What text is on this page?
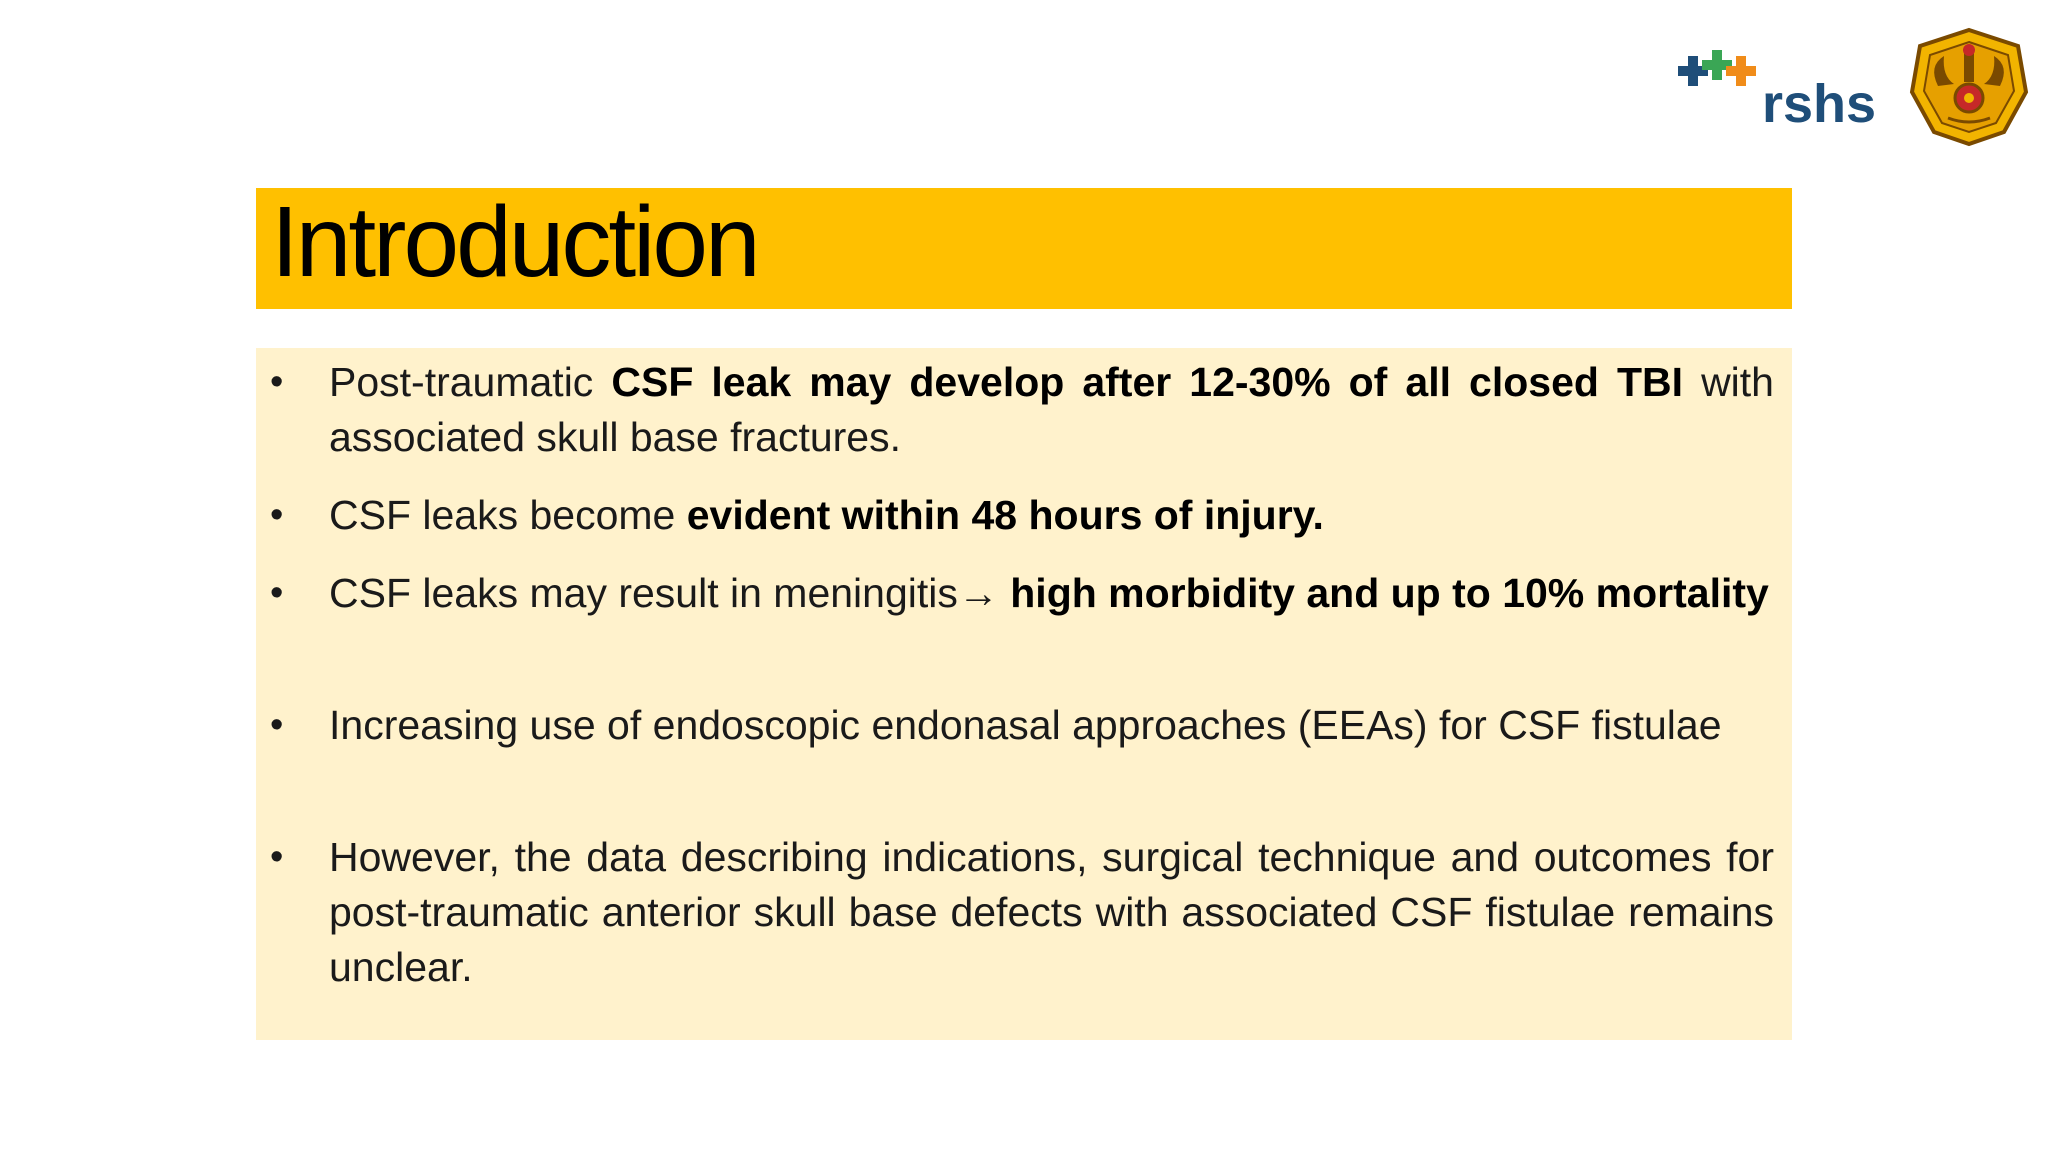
rshs
Introduction
• Post-traumatic CSF leak may develop after 12-30% of all closed TBI with associated skull base fractures.
• CSF leaks become evident within 48 hours of injury.
• CSF leaks may result in meningitis→ high morbidity and up to 10% mortality
• Increasing use of endoscopic endonasal approaches (EEAs) for CSF fistulae
• However, the data describing indications, surgical technique and outcomes for post-traumatic anterior skull base defects with associated CSF fistulae remains unclear.
